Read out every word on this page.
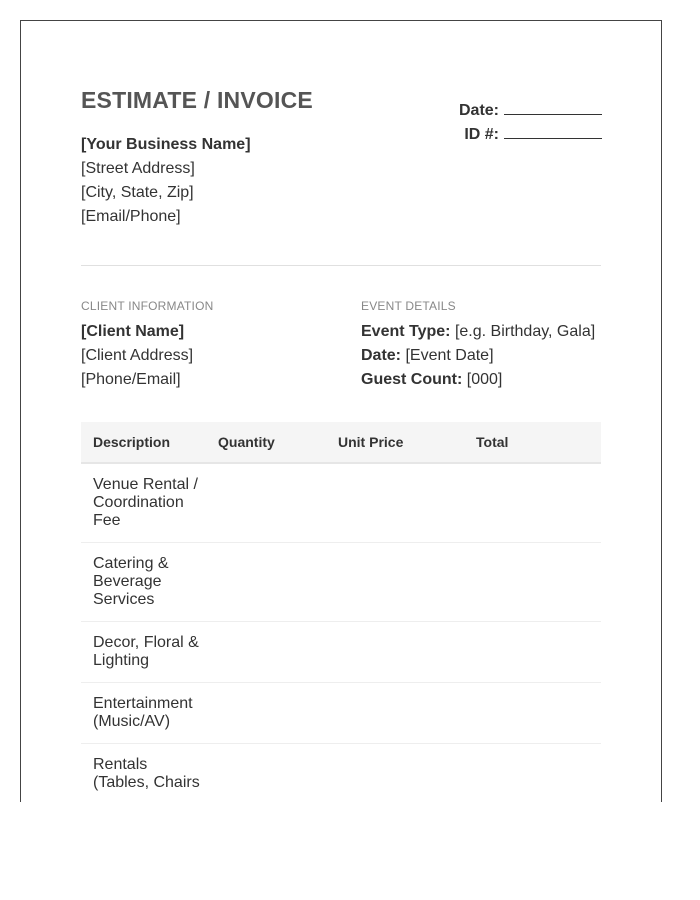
ESTIMATE / INVOICE	Date:
ID #:
[Your Business Name]
[Street Address]
[City, State, Zip]
[Email/Phone]
CLIENT INFORMATION
[Client Name]
[Client Address]
[Phone/Email]
EVENT DETAILS
Event Type: [e.g. Birthday, Gala]
Date: [Event Date]
Guest Count: [000]
Description	Quantity	Unit Price	Total
Venue Rental / Coordination Fee			
Catering & Beverage Services			
Decor, Floral & Lighting			
Entertainment (Music/AV)			
Rentals (Tables, Chairs			
